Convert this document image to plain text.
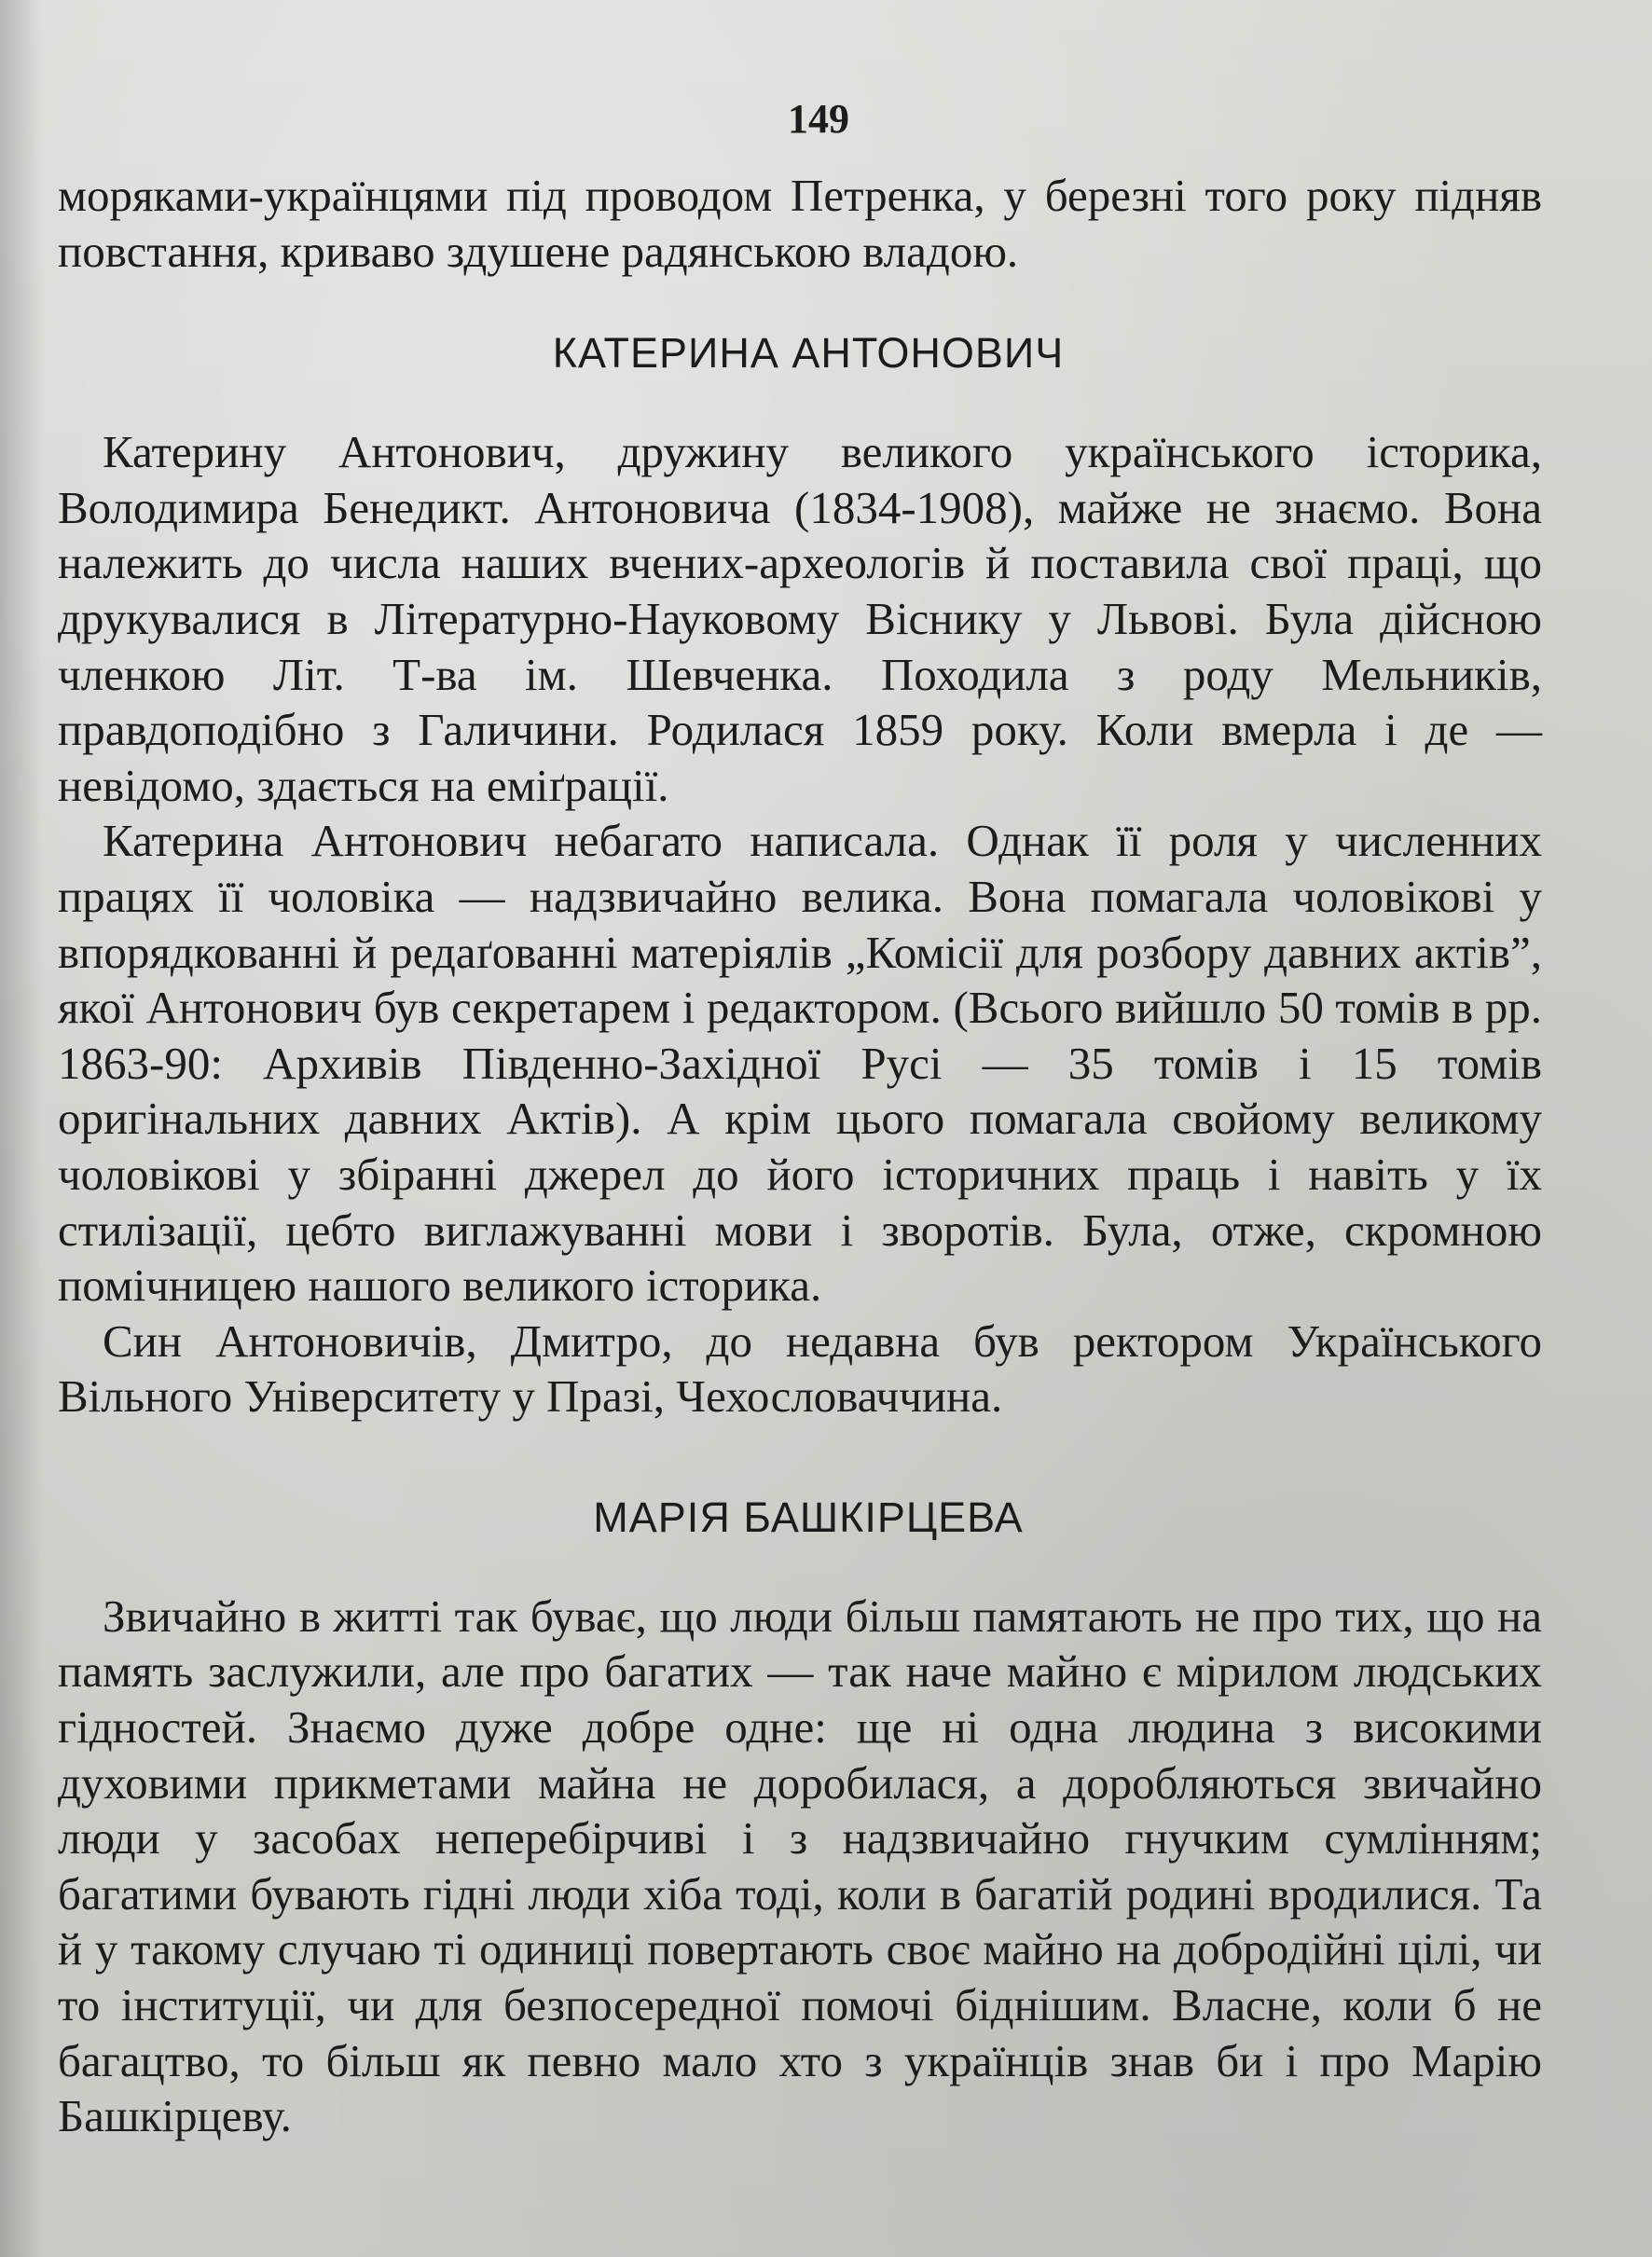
149

моряками-українцями під проводом Петренка, у березні того року підняв повстання, криваво здушене радянською владою.

КАТЕРИНА АНТОНОВИЧ

Катерину Антонович, дружину великого українського історика, Володимира Бенедикт. Антоновича (1834-1908), майже не знаємо. Вона належить до числа наших вчених-археологів й поставила свої праці, що друкувалися в Літературно-Науковому Віснику у Львові. Була дійсною членкою Літ. Т-ва ім. Шевченка. Походила з роду Мельників, правдоподібно з Галичини. Родилася 1859 року. Коли вмерла і де — невідомо, здається на еміґрації.

Катерина Антонович небагато написала. Однак її роля у численних працях її чоловіка — надзвичайно велика. Вона помагала чоловікові у впорядкованні й редаґованні матеріялів „Комісії для розбору давних актів”, якої Антонович був секретарем і редактором. (Всього вийшло 50 томів в рр. 1863-90: Архивів Південно-Західної Русі — 35 томів і 15 томів оригінальних давних Актів). А крім цього помагала свойому великому чоловікові у збіранні джерел до його історичних праць і навіть у їх стилізації, цебто виглажуванні мови і зворотів. Була, отже, скромною помічницею нашого великого історика.

Син Антоновичів, Дмитро, до недавна був ректором Українського Вільного Університету у Празі, Чехословаччина.

МАРІЯ БАШКІРЦЕВА

Звичайно в житті так буває, що люди більш памятають не про тих, що на память заслужили, але про багатих — так наче майно є мірилом людських гідностей. Знаємо дуже добре одне: ще ні одна людина з високими духовими прикметами майна не доробилася, а доробляються звичайно люди у засобах неперебірчиві і з надзвичайно гнучким сумлінням; багатими бувають гідні люди хіба тоді, коли в багатій родині вродилися. Та й у такому случаю ті одиниці повертають своє майно на добродійні цілі, чи то інституції, чи для безпосередної помочі біднішим. Власне, коли б не багацтво, то більш як певно мало хто з українців знав би і про Марію Башкірцеву.
